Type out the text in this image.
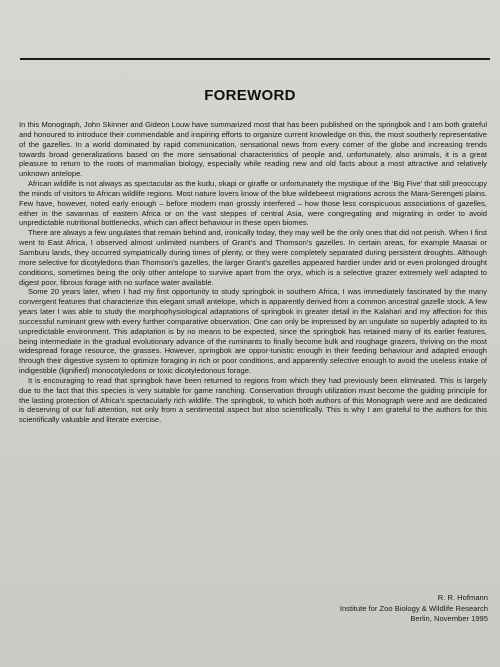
FOREWORD

In this Monograph, John Skinner and Gideon Louw have summarized most that has been published on the springbok and I am both grateful and honoured to introduce their commendable and inspiring efforts to organize current knowledge on this, the most southerly representative of the gazelles. In a world dominated by rapid communication, sensational news from every corner of the globe and increasing trends towards broad generalizations based on the more sensational characteristics of people and, unfortunately, also animals, it is a great pleasure to return to the roots of mammalian biology, especially while reading new and old facts about a most attractive and relatively unknown antelope.

African wildlife is not always as spectacular as the kudu, okapi or giraffe or unfortunately the mystique of the ‘Big Five’ that still preoccupy the minds of visitors to African wildlife regions. Most nature lovers know of the blue wildebeest migrations across the Mara-Serengeti plains. Few have, however, noted early enough – before modern man grossly interfered – how those less conspicuous associations of gazelles, either in the savannas of eastern Africa or on the vast steppes of central Asia, were congregating and migrating in order to avoid unpredictable nutritional bottlenecks, which can affect behaviour in these open biomes.

There are always a few ungulates that remain behind and, ironically today, they may well be the only ones that did not perish. When I first went to East Africa, I observed almost unlimited numbers of Grant’s and Thomson’s gazelles. In certain areas, for example Maasai or Samburu lands, they occurred sympatrically during times of plenty, or they were completely separated during persistent droughts. Although more selective for dicotyledons than Thomson’s gazelles, the larger Grant’s gazelles appeared hardier under arid or even prolonged drought conditions, sometimes being the only other antelope to survive apart from the oryx, which is a selective grazer extremely well adapted to digest poor, fibrous forage with no surface water available.

Some 20 years later, when I had my first opportunity to study springbok in southern Africa, I was immediately fascinated by the many convergent features that characterize this elegant small antelope, which is apparently derived from a common ancestral gazelle stock. A few years later I was able to study the morphophysiological adaptations of springbok in greater detail in the Kalahari and my affection for this successful ruminant grew with every further comparative observation. One can only be impressed by an ungulate so superbly adapted to its unpredictable environment. This adaptation is by no means to be expected, since the springbok has retained many of its earlier features, being intermediate in the gradual evolutionary advance of the ruminants to finally become bulk and roughage grazers, thriving on the most widespread forage resource, the grasses. However, springbok are oppor-tunistic enough in their feeding behaviour and adapted enough through their digestive system to optimize foraging in rich or poor conditions, and apparently selective enough to avoid the useless intake of indigestible (lignified) monocotyledons or toxic dicotyledonous forage.

It is encouraging to read that springbok have been returned to regions from which they had previously been eliminated. This is largely due to the fact that this species is very suitable for game ranching. Conservation through utilization must become the guiding principle for the lasting protection of Africa’s spectacularly rich wildlife. The springbok, to which both authors of this Monograph were and are dedicated is deserving of our full attention, not only from a sentimental aspect but also scientifically. This is why I am grateful to the authors for this scientifically valuable and literate exercise.

R. R. Hofmann
Institute for Zoo Biology & Wildlife Research
Berlin, November 1995
